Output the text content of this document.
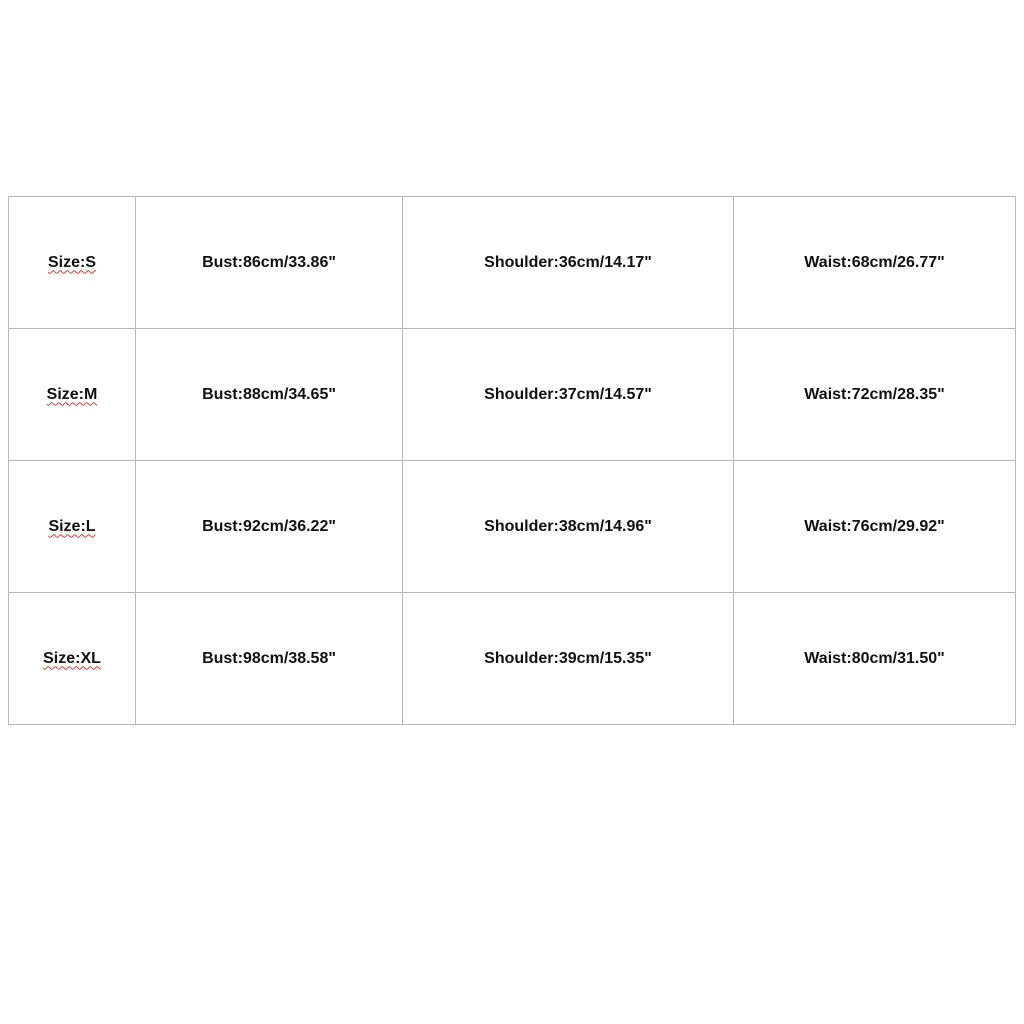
Size:S	Bust:86cm/33.86"	Shoulder:36cm/14.17"	Waist:68cm/26.77"
Size:M	Bust:88cm/34.65"	Shoulder:37cm/14.57"	Waist:72cm/28.35"
Size:L	Bust:92cm/36.22"	Shoulder:38cm/14.96"	Waist:76cm/29.92"
Size:XL	Bust:98cm/38.58"	Shoulder:39cm/15.35"	Waist:80cm/31.50"
